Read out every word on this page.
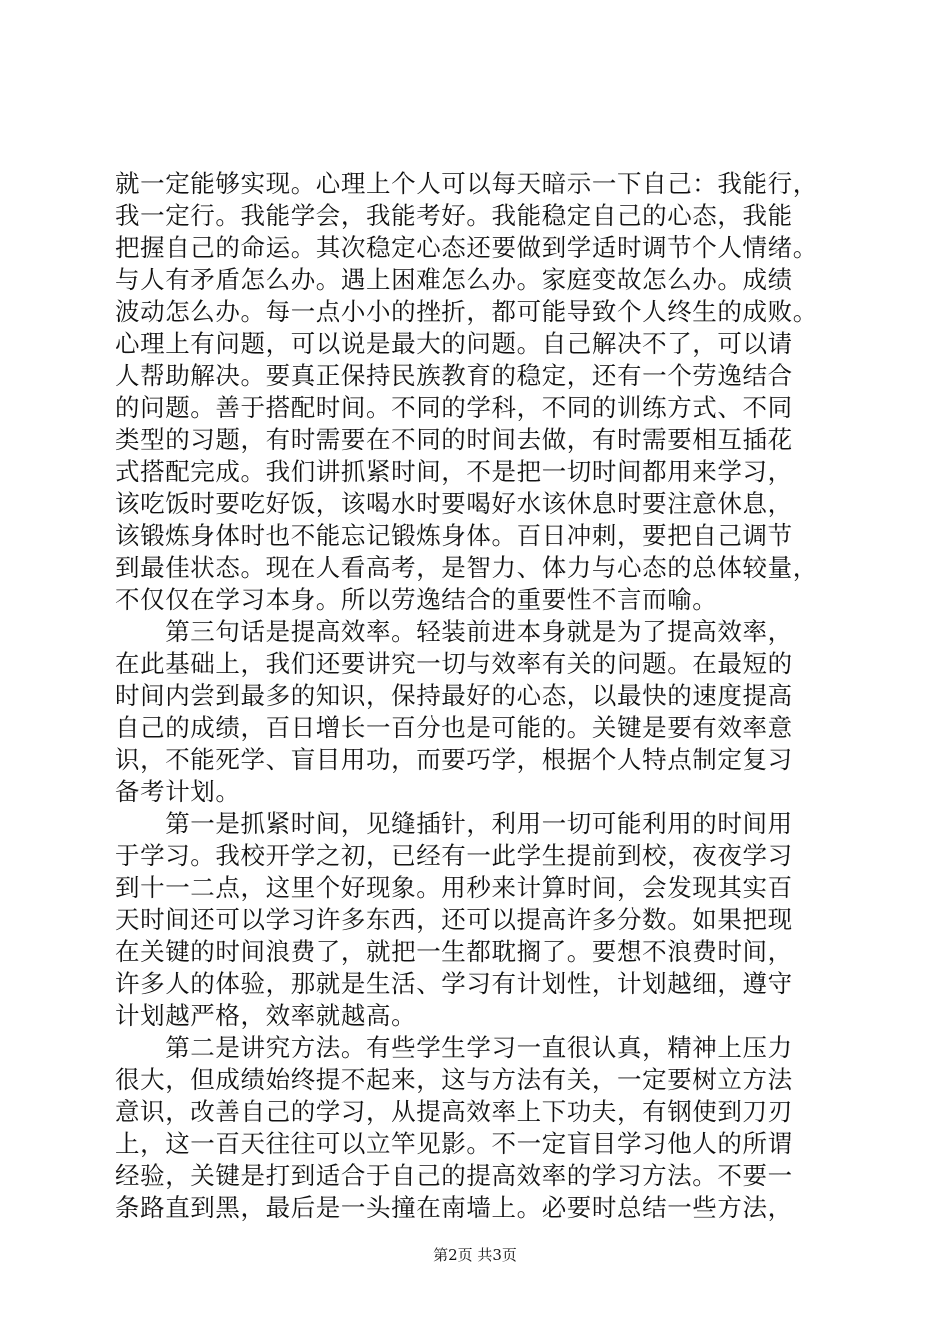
就一定能够实现。心理上个人可以每天暗示一下自己：我能行，
我一定行。我能学会，我能考好。我能稳定自己的心态，我能
把握自己的命运。其次稳定心态还要做到学适时调节个人情绪。
与人有矛盾怎么办。遇上困难怎么办。家庭变故怎么办。成绩
波动怎么办。每一点小小的挫折，都可能导致个人终生的成败。
心理上有问题，可以说是最大的问题。自己解决不了，可以请
人帮助解决。要真正保持民族教育的稳定，还有一个劳逸结合
的问题。善于搭配时间。不同的学科，不同的训练方式、不同
类型的习题，有时需要在不同的时间去做，有时需要相互插花
式搭配完成。我们讲抓紧时间，不是把一切时间都用来学习，
该吃饭时要吃好饭，该喝水时要喝好水该休息时要注意休息，
该锻炼身体时也不能忘记锻炼身体。百日冲刺，要把自己调节
到最佳状态。现在人看高考，是智力、体力与心态的总体较量，
不仅仅在学习本身。所以劳逸结合的重要性不言而喻。
　　第三句话是提高效率。轻装前进本身就是为了提高效率，
在此基础上，我们还要讲究一切与效率有关的问题。在最短的
时间内尝到最多的知识，保持最好的心态，以最快的速度提高
自己的成绩，百日增长一百分也是可能的。关键是要有效率意
识，不能死学、盲目用功，而要巧学，根据个人特点制定复习
备考计划。
　　第一是抓紧时间，见缝插针，利用一切可能利用的时间用
于学习。我校开学之初，已经有一此学生提前到校，夜夜学习
到十一二点，这里个好现象。用秒来计算时间，会发现其实百
天时间还可以学习许多东西，还可以提高许多分数。如果把现
在关键的时间浪费了，就把一生都耽搁了。要想不浪费时间，
许多人的体验，那就是生活、学习有计划性，计划越细，遵守
计划越严格，效率就越高。
　　第二是讲究方法。有些学生学习一直很认真，精神上压力
很大，但成绩始终提不起来，这与方法有关，一定要树立方法
意识，改善自己的学习，从提高效率上下功夫，有钢使到刀刃
上，这一百天往往可以立竿见影。不一定盲目学习他人的所谓
经验，关键是打到适合于自己的提高效率的学习方法。不要一
条路直到黑，最后是一头撞在南墙上。必要时总结一些方法，
第2页 共3页
